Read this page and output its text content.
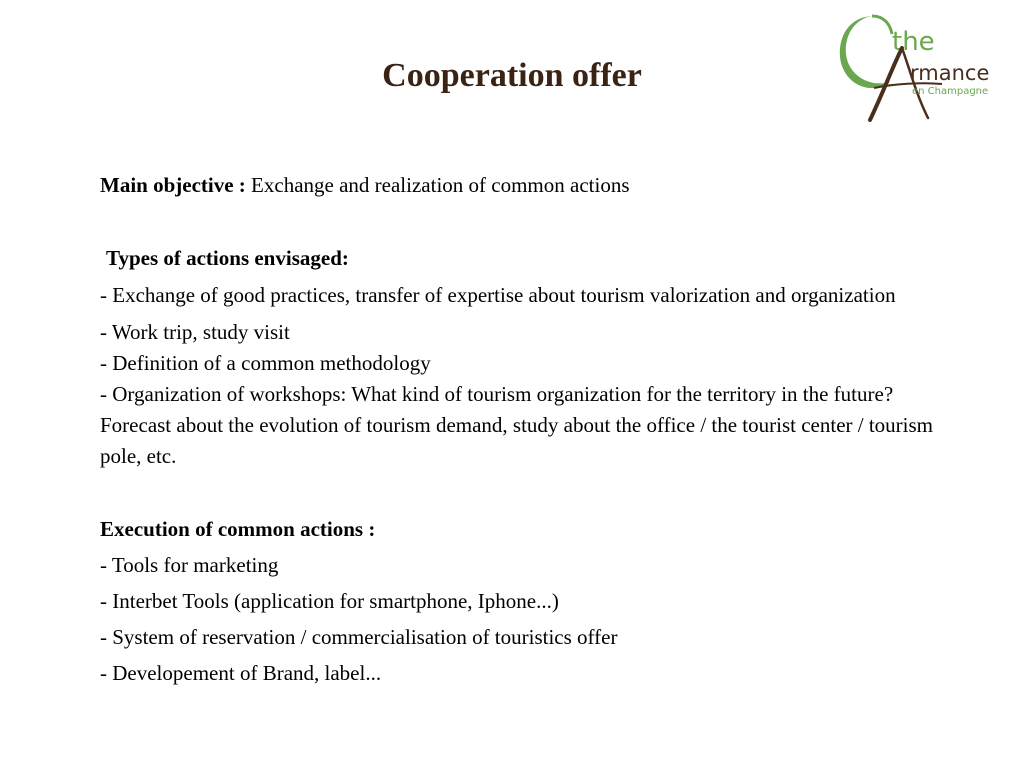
Cooperation offer
the
rmance
en Champagne

Main objective : Exchange and realization of common actions

Types of actions envisaged:

- Exchange of good practices, transfer of expertise about tourism valorization and organization

- Work trip, study visit
- Definition of a common methodology
- Organization of workshops: What kind of tourism organization for the territory in the future? Forecast about the evolution of tourism demand, study about the office / the tourist center / tourism pole, etc.

Execution of common actions :

- Tools for marketing

- Interbet Tools (application for smartphone, Iphone...)

- System of reservation / commercialisation of touristics offer

- Developement of Brand, label...
